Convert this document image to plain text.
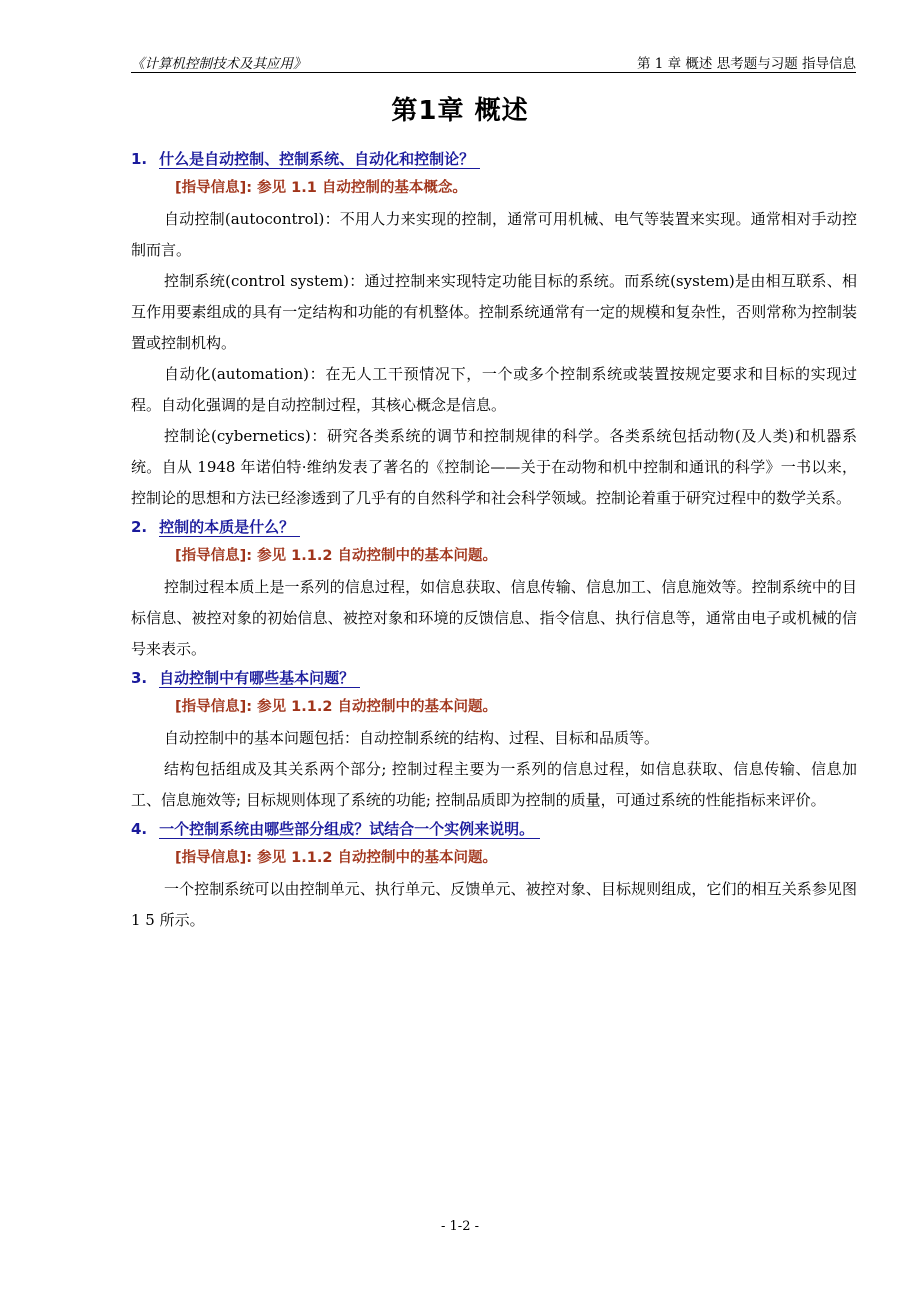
《计算机控制技术及其应用》	第 1 章 概述 思考题与习题 指导信息
第1章 概述
1. 什么是自动控制、控制系统、自动化和控制论？
[指导信息]: 参见 1.1 自动控制的基本概念。

自动控制(autocontrol)：不用人力来实现的控制，通常可用机械、电气等装置来实现。通常相对手动控制而言。

控制系统(control system)：通过控制来实现特定功能目标的系统。而系统(system)是由相互联系、相互作用要素组成的具有一定结构和功能的有机整体。控制系统通常有一定的规模和复杂性，否则常称为控制装置或控制机构。

自动化(automation)：在无人工干预情况下，一个或多个控制系统或装置按规定要求和目标的实现过程。自动化强调的是自动控制过程，其核心概念是信息。

控制论(cybernetics)：研究各类系统的调节和控制规律的科学。各类系统包括动物(及人类)和机器系统。自从 1948 年诺伯特·维纳发表了著名的《控制论——关于在动物和机中控制和通讯的科学》一书以来，控制论的思想和方法已经渗透到了几乎有的自然科学和社会科学领域。控制论着重于研究过程中的数学关系。

2. 控制的本质是什么？
[指导信息]: 参见 1.1.2 自动控制中的基本问题。

控制过程本质上是一系列的信息过程，如信息获取、信息传输、信息加工、信息施效等。控制系统中的目标信息、被控对象的初始信息、被控对象和环境的反馈信息、指令信息、执行信息等，通常由电子或机械的信号来表示。

3. 自动控制中有哪些基本问题？
[指导信息]: 参见 1.1.2 自动控制中的基本问题。

自动控制中的基本问题包括：自动控制系统的结构、过程、目标和品质等。

结构包括组成及其关系两个部分; 控制过程主要为一系列的信息过程，如信息获取、信息传输、信息加工、信息施效等; 目标规则体现了系统的功能; 控制品质即为控制的质量，可通过系统的性能指标来评价。

4. 一个控制系统由哪些部分组成？试结合一个实例来说明。
[指导信息]: 参见 1.1.2 自动控制中的基本问题。

一个控制系统可以由控制单元、执行单元、反馈单元、被控对象、目标规则组成，它们的相互关系参见图 1 5 所示。

- 1-2 -
